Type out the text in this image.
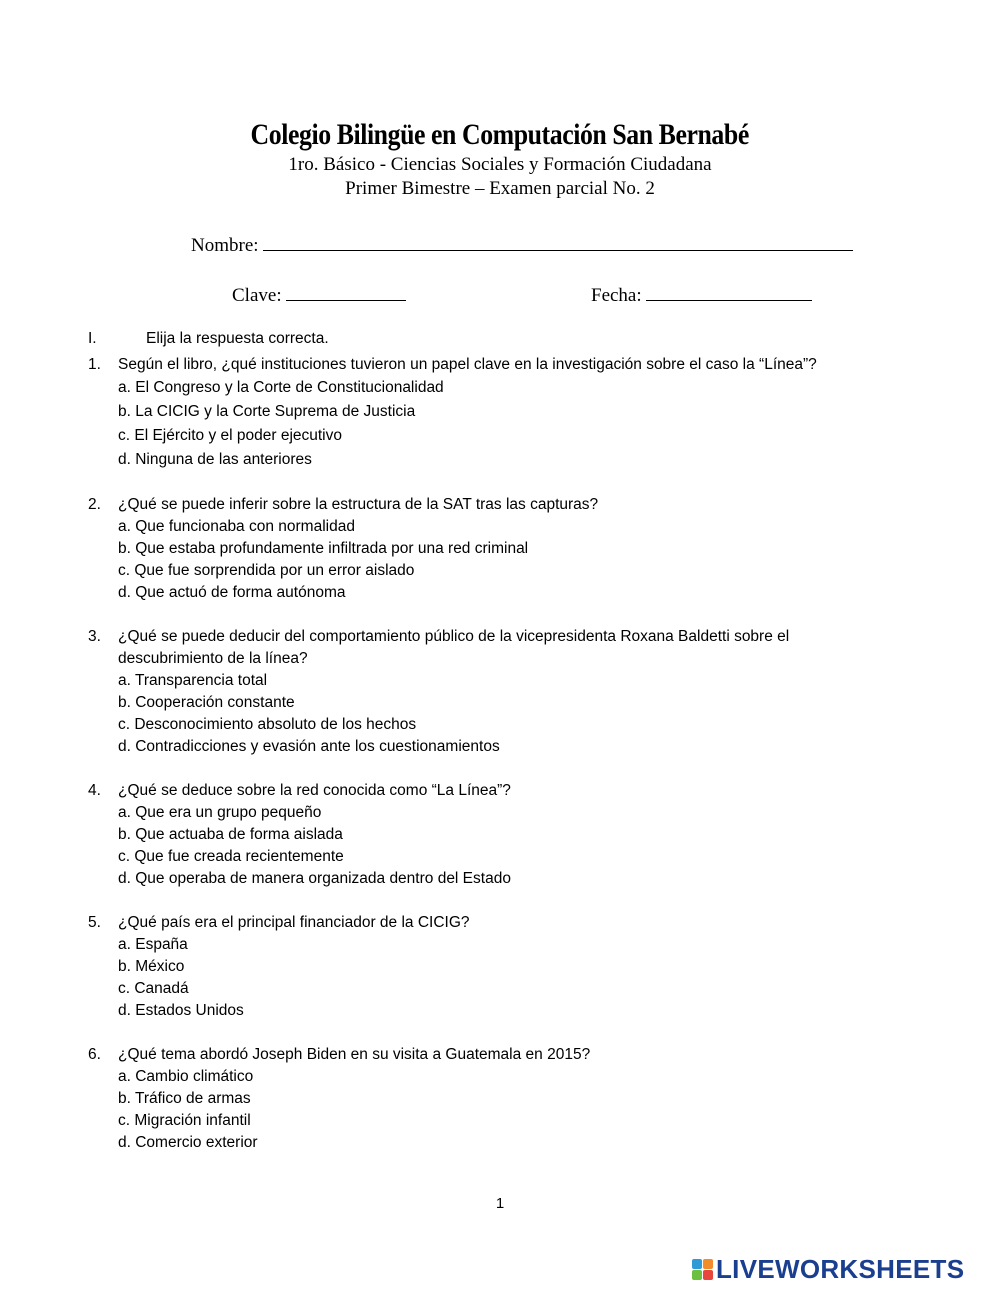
Colegio Bilingüe en Computación San Bernabé
1ro. Básico - Ciencias Sociales y Formación Ciudadana
Primer Bimestre – Examen parcial No. 2
Nombre:
Clave:	Fecha:
I.	Elija la respuesta correcta.
1.	Según el libro, ¿qué instituciones tuvieron un papel clave en la investigación sobre el caso la “Línea”?
a. El Congreso y la Corte de Constitucionalidad
b. La CICIG y la Corte Suprema de Justicia
c. El Ejército y el poder ejecutivo
d. Ninguna de las anteriores
2.	¿Qué se puede inferir sobre la estructura de la SAT tras las capturas?
a. Que funcionaba con normalidad
b. Que estaba profundamente infiltrada por una red criminal
c. Que fue sorprendida por un error aislado
d. Que actuó de forma autónoma
3.	¿Qué se puede deducir del comportamiento público de la vicepresidenta Roxana Baldetti sobre el descubrimiento de la línea?
a. Transparencia total
b. Cooperación constante
c. Desconocimiento absoluto de los hechos
d. Contradicciones y evasión ante los cuestionamientos
4.	¿Qué se deduce sobre la red conocida como “La Línea”?
a. Que era un grupo pequeño
b. Que actuaba de forma aislada
c. Que fue creada recientemente
d. Que operaba de manera organizada dentro del Estado
5.	¿Qué país era el principal financiador de la CICIG?
a. España
b. México
c. Canadá
d. Estados Unidos
6.	¿Qué tema abordó Joseph Biden en su visita a Guatemala en 2015?
a. Cambio climático
b. Tráfico de armas
c. Migración infantil
d. Comercio exterior
1
LIVEWORKSHEETS
